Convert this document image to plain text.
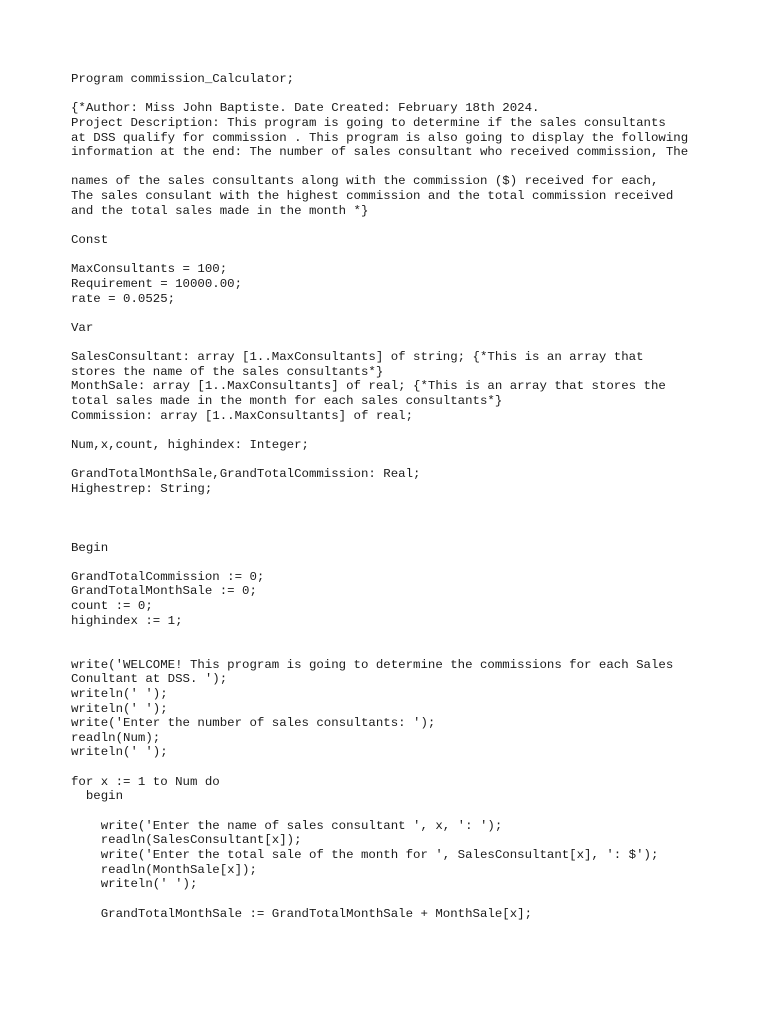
Program commission_Calculator;
{*Author: Miss John Baptiste. Date Created: February 18th 2024.
Project Description: This program is going to determine if the sales consultants
at DSS qualify for commission . This program is also going to display the following
information at the end: The number of sales consultant who received commission, The
names of the sales consultants along with the commission ($) received for each,
The sales consulant with the highest commission and the total commission received
and the total sales made in the month *}
Const
MaxConsultants = 100;
Requirement = 10000.00;
rate = 0.0525;
Var
SalesConsultant: array [1..MaxConsultants] of string; {*This is an array that
stores the name of the sales consultants*}
MonthSale: array [1..MaxConsultants] of real; {*This is an array that stores the
total sales made in the month for each sales consultants*}
Commission: array [1..MaxConsultants] of real;
Num,x,count, highindex: Integer;
GrandTotalMonthSale,GrandTotalCommission: Real;
Highestrep: String;
Begin
GrandTotalCommission := 0;
GrandTotalMonthSale := 0;
count := 0;
highindex := 1;
write('WELCOME! This program is going to determine the commissions for each Sales
Conultant at DSS. ');
writeln(' ');
writeln(' ');
write('Enter the number of sales consultants: ');
readln(Num);
writeln(' ');
for x := 1 to Num do
begin
write('Enter the name of sales consultant ', x, ': ');
readln(SalesConsultant[x]);
write('Enter the total sale of the month for ', SalesConsultant[x], ': $');
readln(MonthSale[x]);
writeln(' ');
GrandTotalMonthSale := GrandTotalMonthSale + MonthSale[x];
